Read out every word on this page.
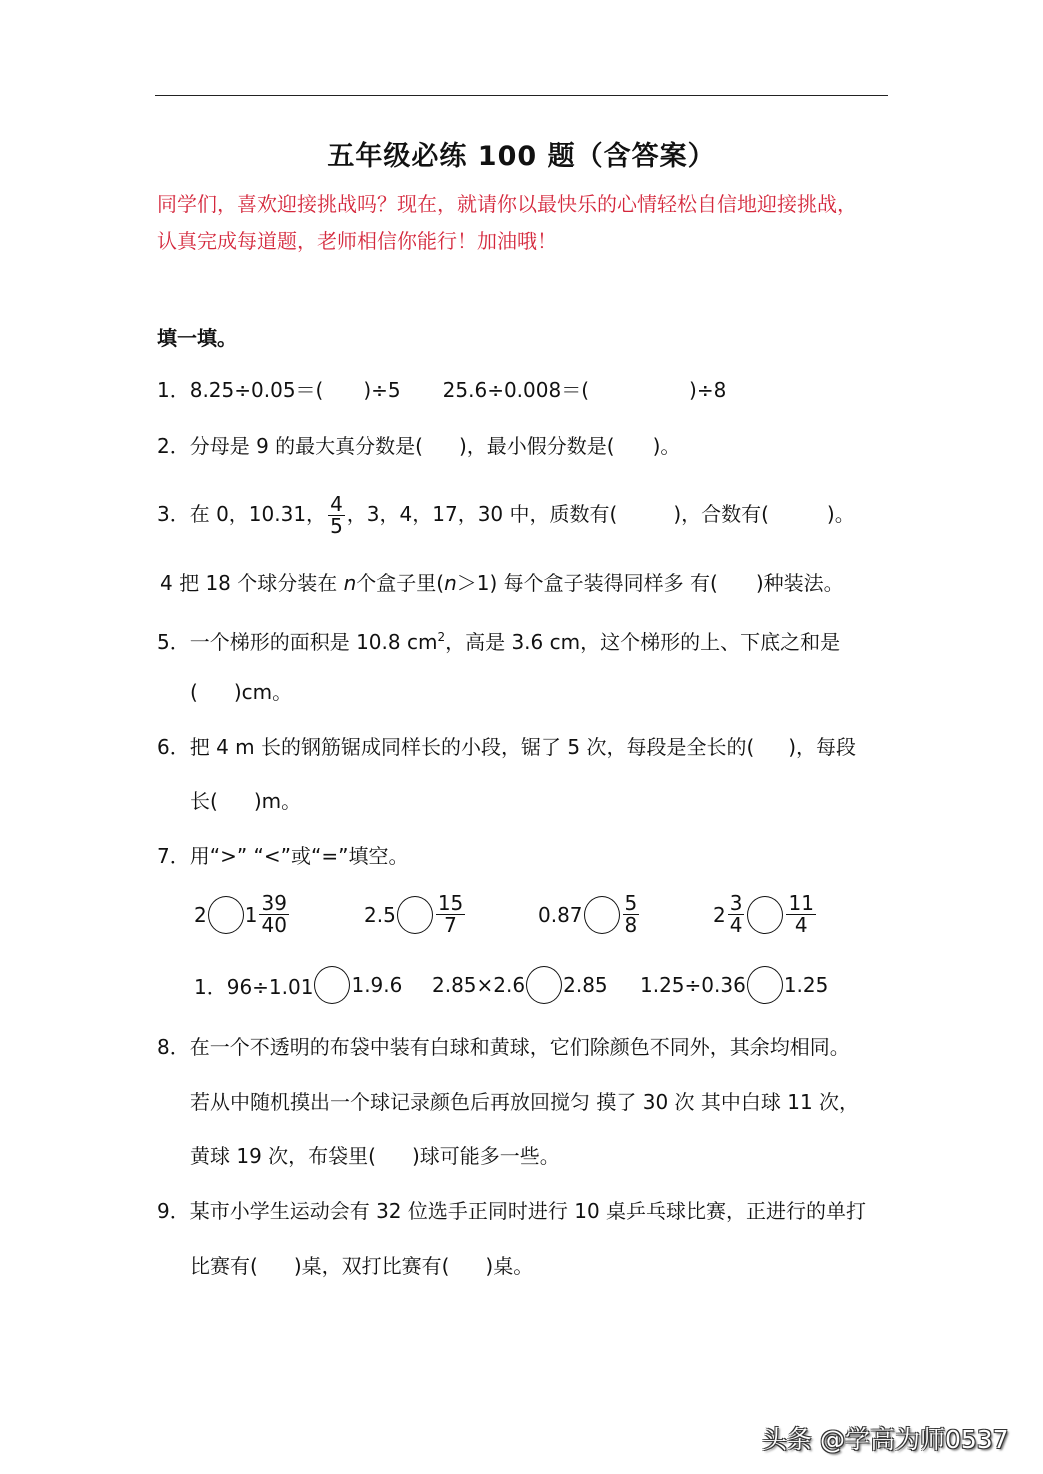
五年级必练 100 题（含答案）
同学们，喜欢迎接挑战吗？现在，就请你以最快乐的心情轻松自信地迎接挑战，
认真完成每道题，老师相信你能行！加油哦！
填一填。
1．8.25÷0.05＝( )÷5 25.6÷0.008＝(	)÷8
2．分母是 9 的最大真分数是( )，最小假分数是( )。
3．在 0，10.31， $\frac{4}{5}$ ，3，4，17，30 中，质数有(	)，合数有(	)。
4 把 18 个球分装在 n个盒子里(n＞1) 每个盒子装得同样多 有( )种装法。
5．一个梯形的面积是 10.8 $cm^2$，高是 3.6 cm，这个梯形的上、下底之和是
( )cm。
6．把 4 m 长的钢筋锯成同样长的小段，锯了 5 次，每段是全长的( )，每段
长( )m。
7．用“>” “<”或“=”填空。
2 $1 \frac{39}{40}$	$2.5 \frac{15}{7}$	$0.87 \frac{5}{8}$	$2 \frac{3}{4} \frac{11}{4}$
1．96÷1.01 1.9.6 2.85×2.6 2.85 1.25÷0.36 1.25
8．在一个不透明的布袋中装有白球和黄球，它们除颜色不同外，其余均相同。
若从中随机摸出一个球记录颜色后再放回搅匀 摸了 30 次 其中白球 11 次，
黄球 19 次，布袋里( )球可能多一些。
9．某市小学生运动会有 32 位选手正同时进行 10 桌乒乓球比赛，正进行的单打
比赛有( )桌，双打比赛有( )桌。
头条 @学高为师0537
